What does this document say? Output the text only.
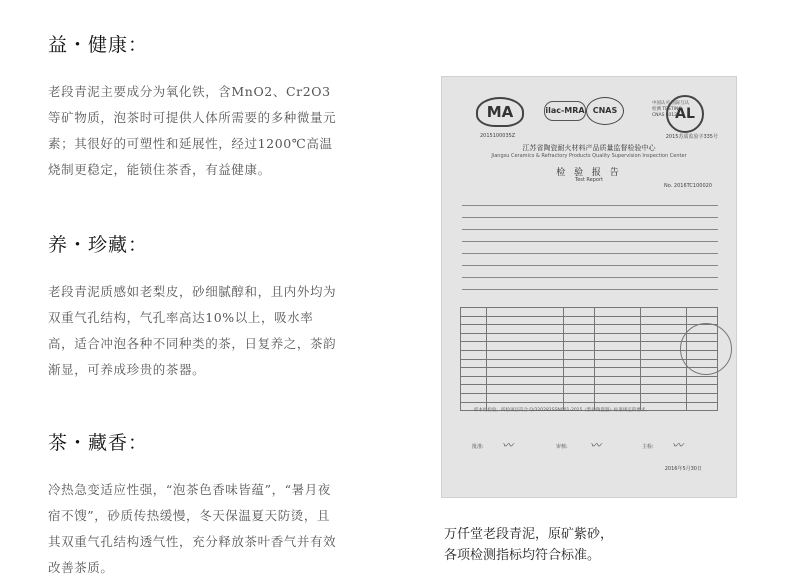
益・健康：
老段青泥主要成分为氧化铁，含MnO2、Cr2O3等矿物质，泡茶时可提供人体所需要的多种微量元素；其很好的可塑性和延展性，经过1200℃高温烧制更稳定，能锁住茶香，有益健康。
养・珍藏：
老段青泥质感如老梨皮，砂细腻醇和，且内外均为双重气孔结构，气孔率高达10%以上，吸水率高，适合冲泡各种不同种类的茶，日复养之，茶韵渐显，可养成珍贵的茶器。
茶・藏香：
冷热急变适应性强，“泡茶色香味皆蕴”，“暑月夜宿不馊”，砂质传热缓慢，冬天保温夏天防烫，且其双重气孔结构透气性，充分释放茶叶香气并有效改善茶质。
MA	ilac-MRA	CNAS
中国认可 国际互认 检测 TESTING CNAS L0128
AL
2015100035Z	2015苏质监验字335号
江苏省陶瓷耐火材料产品质量监督检验中心
Jiangsu Ceramics & Refractory Products Quality Supervision Inspection Center
检 验 报 告
Test Report
No. 2016TC100020

样本经检验，所检项目符合 Q/320282SSN001-2015《紫砂陶瓷器》标准规定的要求。
批准: 〰	审核: 〰	主检: 〰
2016年5月30日
万仟堂老段青泥，原矿紫砂，
各项检测指标均符合标准。
